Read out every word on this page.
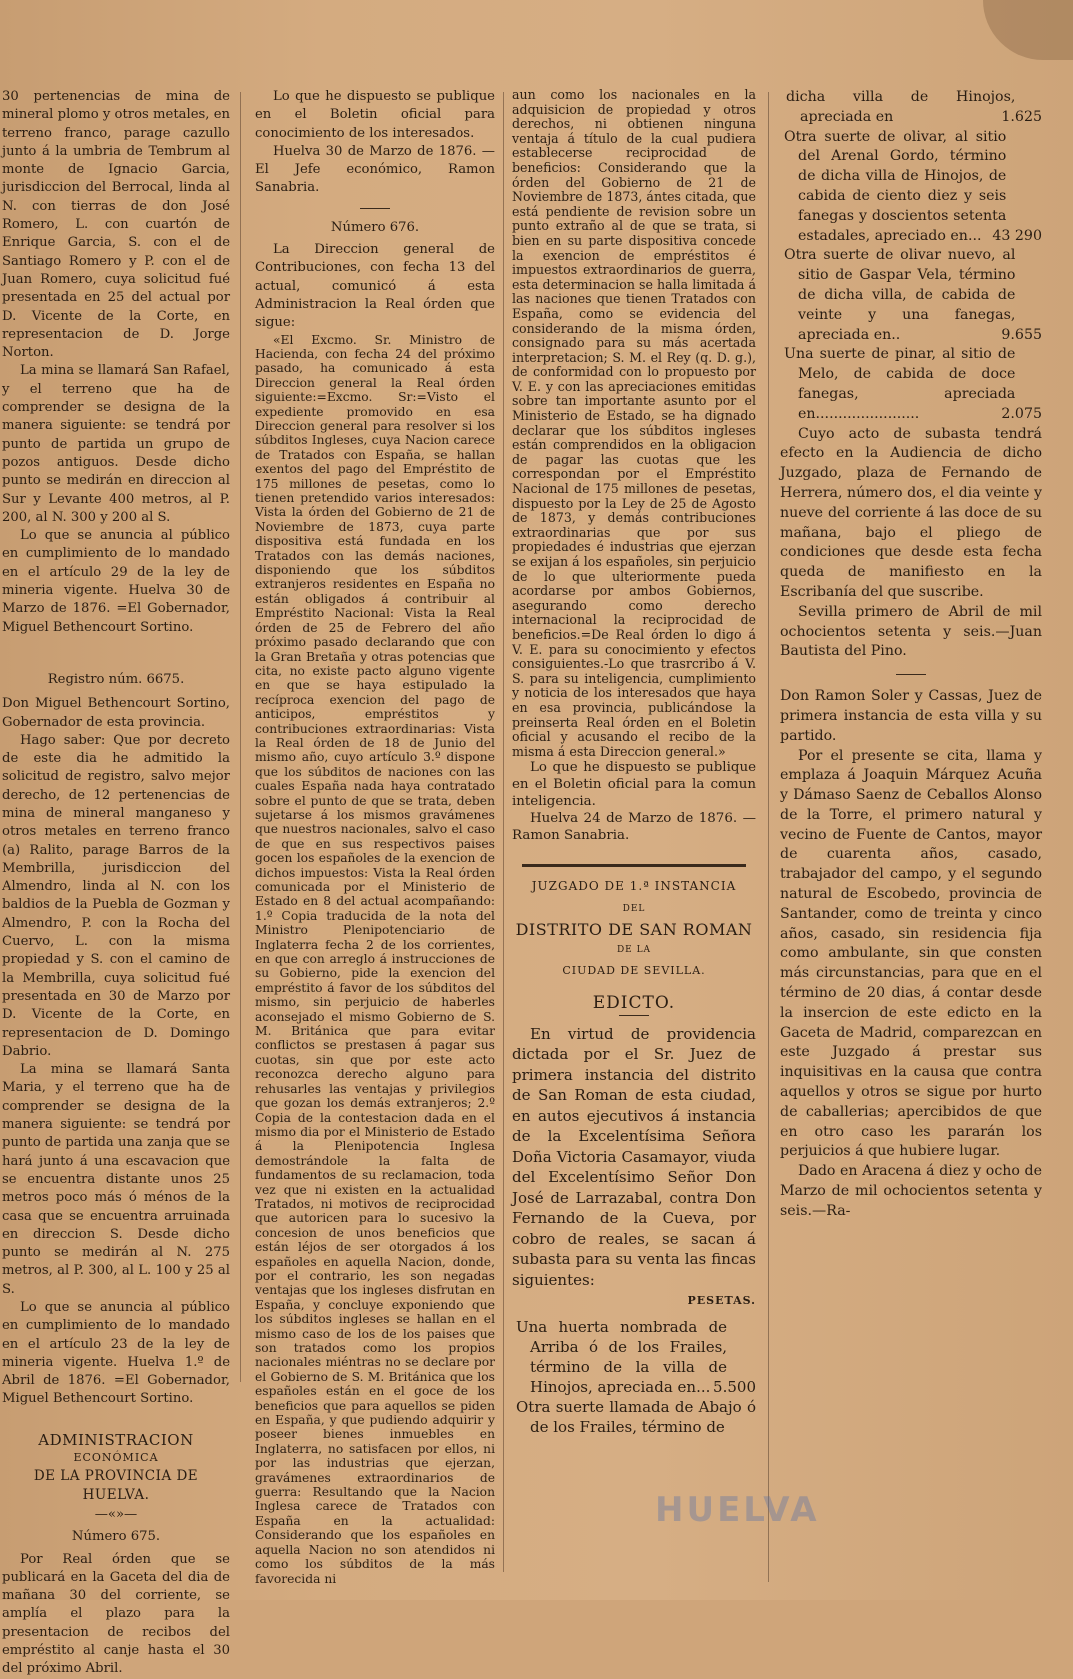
30 pertenencias de mina de mineral plomo y otros metales, en terreno franco, parage cazullo junto á la umbria de Tembrum al monte de Ignacio Garcia, jurisdiccion del Berrocal, linda al N. con tierras de don José Romero, L. con cuartón de Enrique Garcia, S. con el de Santiago Romero y P. con el de Juan Romero, cuya solicitud fué presentada en 25 del actual por D. Vicente de la Corte, en representacion de D. Jorge Norton.

La mina se llamará San Rafael, y el terreno que ha de comprender se designa de la manera siguiente: se tendrá por punto de partida un grupo de pozos antiguos. Desde dicho punto se medirán en direccion al Sur y Levante 400 metros, al P. 200, al N. 300 y 200 al S.

Lo que se anuncia al público en cumplimiento de lo mandado en el artículo 29 de la ley de mineria vigente. Huelva 30 de Marzo de 1876. =El Gobernador, Miguel Bethencourt Sortino.

Registro núm. 6675.

Don Miguel Bethencourt Sortino, Gobernador de esta provincia.

Hago saber: Que por decreto de este dia he admitido la solicitud de registro, salvo mejor derecho, de 12 pertenencias de mina de mineral manganeso y otros metales en terreno franco (a) Ralito, parage Barros de la Membrilla, jurisdiccion del Almendro, linda al N. con los baldios de la Puebla de Gozman y Almendro, P. con la Rocha del Cuervo, L. con la misma propiedad y S. con el camino de la Membrilla, cuya solicitud fué presentada en 30 de Marzo por D. Vicente de la Corte, en representacion de D. Domingo Dabrio.

La mina se llamará Santa Maria, y el terreno que ha de comprender se designa de la manera siguiente: se tendrá por punto de partida una zanja que se hará junto á una escavacion que se encuentra distante unos 25 metros poco más ó ménos de la casa que se encuentra arruinada en direccion S. Desde dicho punto se medirán al N. 275 metros, al P. 300, al L. 100 y 25 al S.

Lo que se anuncia al público en cumplimiento de lo mandado en el artículo 23 de la ley de mineria vigente. Huelva 1.º de Abril de 1876. =El Gobernador, Miguel Bethencourt Sortino.

ADMINISTRACION

ECONÓMICA

DE LA PROVINCIA DE HUELVA.

—«»—

Número 675.

Por Real órden que se publicará en la Gaceta del dia de mañana 30 del corriente, se amplía el plazo para la presentacion de recibos del empréstito al canje hasta el 30 del próximo Abril.

Lo que he dispuesto se publique en el Boletin oficial para conocimiento de los interesados.

Huelva 30 de Marzo de 1876. —El Jefe económico, Ramon Sanabria.

Número 676.

La Direccion general de Contribuciones, con fecha 13 del actual, comunicó á esta Administracion la Real órden que sigue:

«El Excmo. Sr. Ministro de Hacienda, con fecha 24 del próximo pasado, ha comunicado á esta Direccion general la Real órden siguiente:=Excmo. Sr:=Visto el expediente promovido en esa Direccion general para resolver si los súbditos Ingleses, cuya Nacion carece de Tratados con España, se hallan exentos del pago del Empréstito de 175 millones de pesetas, como lo tienen pretendido varios interesados: Vista la órden del Gobierno de 21 de Noviembre de 1873, cuya parte dispositiva está fundada en los Tratados con las demás naciones, disponiendo que los súbditos extranjeros residentes en España no están obligados á contribuir al Empréstito Nacional: Vista la Real órden de 25 de Febrero del año próximo pasado declarando que con la Gran Bretaña y otras potencias que cita, no existe pacto alguno vigente en que se haya estipulado la recíproca exencion del pago de anticipos, empréstitos y contribuciones extraordinarias: Vista la Real órden de 18 de Junio del mismo año, cuyo artículo 3.º dispone que los súbditos de naciones con las cuales España nada haya contratado sobre el punto de que se trata, deben sujetarse á los mismos gravámenes que nuestros nacionales, salvo el caso de que en sus respectivos paises gocen los españoles de la exencion de dichos impuestos: Vista la Real órden comunicada por el Ministerio de Estado en 8 del actual acompañando: 1.º Copia traducida de la nota del Ministro Plenipotenciario de Inglaterra fecha 2 de los corrientes, en que con arreglo á instrucciones de su Gobierno, pide la exencion del empréstito á favor de los súbditos del mismo, sin perjuicio de haberles aconsejado el mismo Gobierno de S. M. Británica que para evitar conflictos se prestasen á pagar sus cuotas, sin que por este acto reconozca derecho alguno para rehusarles las ventajas y privilegios que gozan los demás extranjeros; 2.º Copia de la contestacion dada en el mismo dia por el Ministerio de Estado á la Plenipotencia Inglesa demostrándole la falta de fundamentos de su reclamacion, toda vez que ni existen en la actualidad Tratados, ni motivos de reciprocidad que autoricen para lo sucesivo la concesion de unos beneficios que están léjos de ser otorgados á los españoles en aquella Nacion, donde, por el contrario, les son negadas ventajas que los ingleses disfrutan en España, y concluye exponiendo que los súbditos ingleses se hallan en el mismo caso de los de los paises que son tratados como los propios nacionales miéntras no se declare por el Gobierno de S. M. Británica que los españoles están en el goce de los beneficios que para aquellos se piden en España, y que pudiendo adquirir y poseer bienes inmuebles en Inglaterra, no satisfacen por ellos, ni por las industrias que ejerzan, gravámenes extraordinarios de guerra: Resultando que la Nacion Inglesa carece de Tratados con España en la actualidad: Considerando que los españoles en aquella Nacion no son atendidos ni como los súbditos de la más favorecida ni

aun como los nacionales en la adquisicion de propiedad y otros derechos, ni obtienen ninguna ventaja á título de la cual pudiera establecerse reciprocidad de beneficios: Considerando que la órden del Gobierno de 21 de Noviembre de 1873, ántes citada, que está pendiente de revision sobre un punto extraño al de que se trata, si bien en su parte dispositiva concede la exencion de empréstitos é impuestos extraordinarios de guerra, esta determinacion se halla limitada á las naciones que tienen Tratados con España, como se evidencia del considerando de la misma órden, consignado para su más acertada interpretacion; S. M. el Rey (q. D. g.), de conformidad con lo propuesto por V. E. y con las apreciaciones emitidas sobre tan importante asunto por el Ministerio de Estado, se ha dignado declarar que los súbditos ingleses están comprendidos en la obligacion de pagar las cuotas que les correspondan por el Empréstito Nacional de 175 millones de pesetas, dispuesto por la Ley de 25 de Agosto de 1873, y demás contribuciones extraordinarias que por sus propiedades é industrias que ejerzan se exijan á los españoles, sin perjuicio de lo que ulteriormente pueda acordarse por ambos Gobiernos, asegurando como derecho internacional la reciprocidad de beneficios.=De Real órden lo digo á V. E. para su conocimiento y efectos consiguientes.-Lo que trasrcribo á V. S. para su inteligencia, cumplimiento y noticia de los interesados que haya en esa provincia, publicándose la preinserta Real órden en el Boletin oficial y acusando el recibo de la misma á esta Direccion general.»

Lo que he dispuesto se publique en el Boletin oficial para la comun inteligencia.

Huelva 24 de Marzo de 1876. —Ramon Sanabria.

JUZGADO DE 1.ª INSTANCIA

DEL

DISTRITO DE SAN ROMAN

DE LA

CIUDAD DE SEVILLA.

EDICTO.

En virtud de providencia dictada por el Sr. Juez de primera instancia del distrito de San Roman de esta ciudad, en autos ejecutivos á instancia de la Excelentísima Señora Doña Victoria Casamayor, viuda del Excelentísimo Señor Don José de Larrazabal, contra Don Fernando de la Cueva, por cobro de reales, se sacan á subasta para su venta las fincas siguientes:

PESETAS.

Una huerta nombrada de Arriba ó de los Frailes, término de la villa de Hinojos, apreciada en... 5.500

Otra suerte llamada de Abajo ó de los Frailes, término de

dicha villa de Hinojos, apreciada en	1.625
Otra suerte de olivar, al sitio del Arenal Gordo, término de dicha villa de Hinojos, de cabida de ciento diez y seis fanegas y doscientos setenta estadales, apreciado en... 43 290
Otra suerte de olivar nuevo, al sitio de Gaspar Vela, término de dicha villa, de cabida de veinte y una fanegas, apreciada en..	9.655
Una suerte de pinar, al sitio de Melo, de cabida de doce fanegas, apreciada en.......................	2.075

Cuyo acto de subasta tendrá efecto en la Audiencia de dicho Juzgado, plaza de Fernando de Herrera, número dos, el dia veinte y nueve del corriente á las doce de su mañana, bajo el pliego de condiciones que desde esta fecha queda de manifiesto en la Escribanía del que suscribe.

Sevilla primero de Abril de mil ochocientos setenta y seis.—Juan Bautista del Pino.

Don Ramon Soler y Cassas, Juez de primera instancia de esta villa y su partido.

Por el presente se cita, llama y emplaza á Joaquin Márquez Acuña y Dámaso Saenz de Ceballos Alonso de la Torre, el primero natural y vecino de Fuente de Cantos, mayor de cuarenta años, casado, trabajador del campo, y el segundo natural de Escobedo, provincia de Santander, como de treinta y cinco años, casado, sin residencia fija como ambulante, sin que consten más circunstancias, para que en el término de 20 dias, á contar desde la insercion de este edicto en la Gaceta de Madrid, comparezcan en este Juzgado á prestar sus inquisitivas en la causa que contra aquellos y otros se sigue por hurto de caballerias; apercibidos de que en otro caso les pararán los perjuicios á que hubiere lugar.

Dado en Aracena á diez y ocho de Marzo de mil ochocientos setenta y seis.—Ra-

HUELVA
